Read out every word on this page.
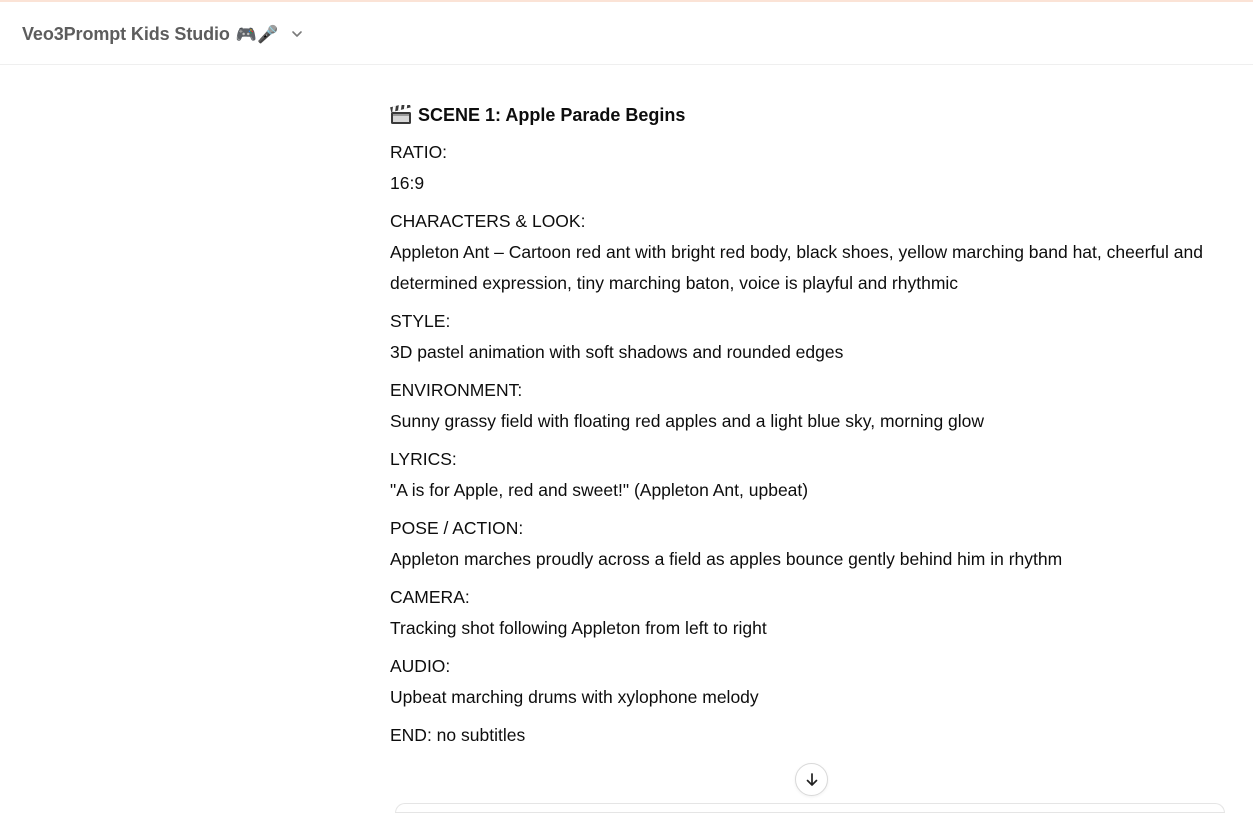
Veo3Prompt Kids Studio 🎮🎤
SCENE 1: Apple Parade Begins
RATIO:
16:9
CHARACTERS & LOOK:
Appleton Ant – Cartoon red ant with bright red body, black shoes, yellow marching band hat, cheerful and determined expression, tiny marching baton, voice is playful and rhythmic
STYLE:
3D pastel animation with soft shadows and rounded edges
ENVIRONMENT:
Sunny grassy field with floating red apples and a light blue sky, morning glow
LYRICS:
"A is for Apple, red and sweet!" (Appleton Ant, upbeat)
POSE / ACTION:
Appleton marches proudly across a field as apples bounce gently behind him in rhythm
CAMERA:
Tracking shot following Appleton from left to right
AUDIO:
Upbeat marching drums with xylophone melody
END: no subtitles
